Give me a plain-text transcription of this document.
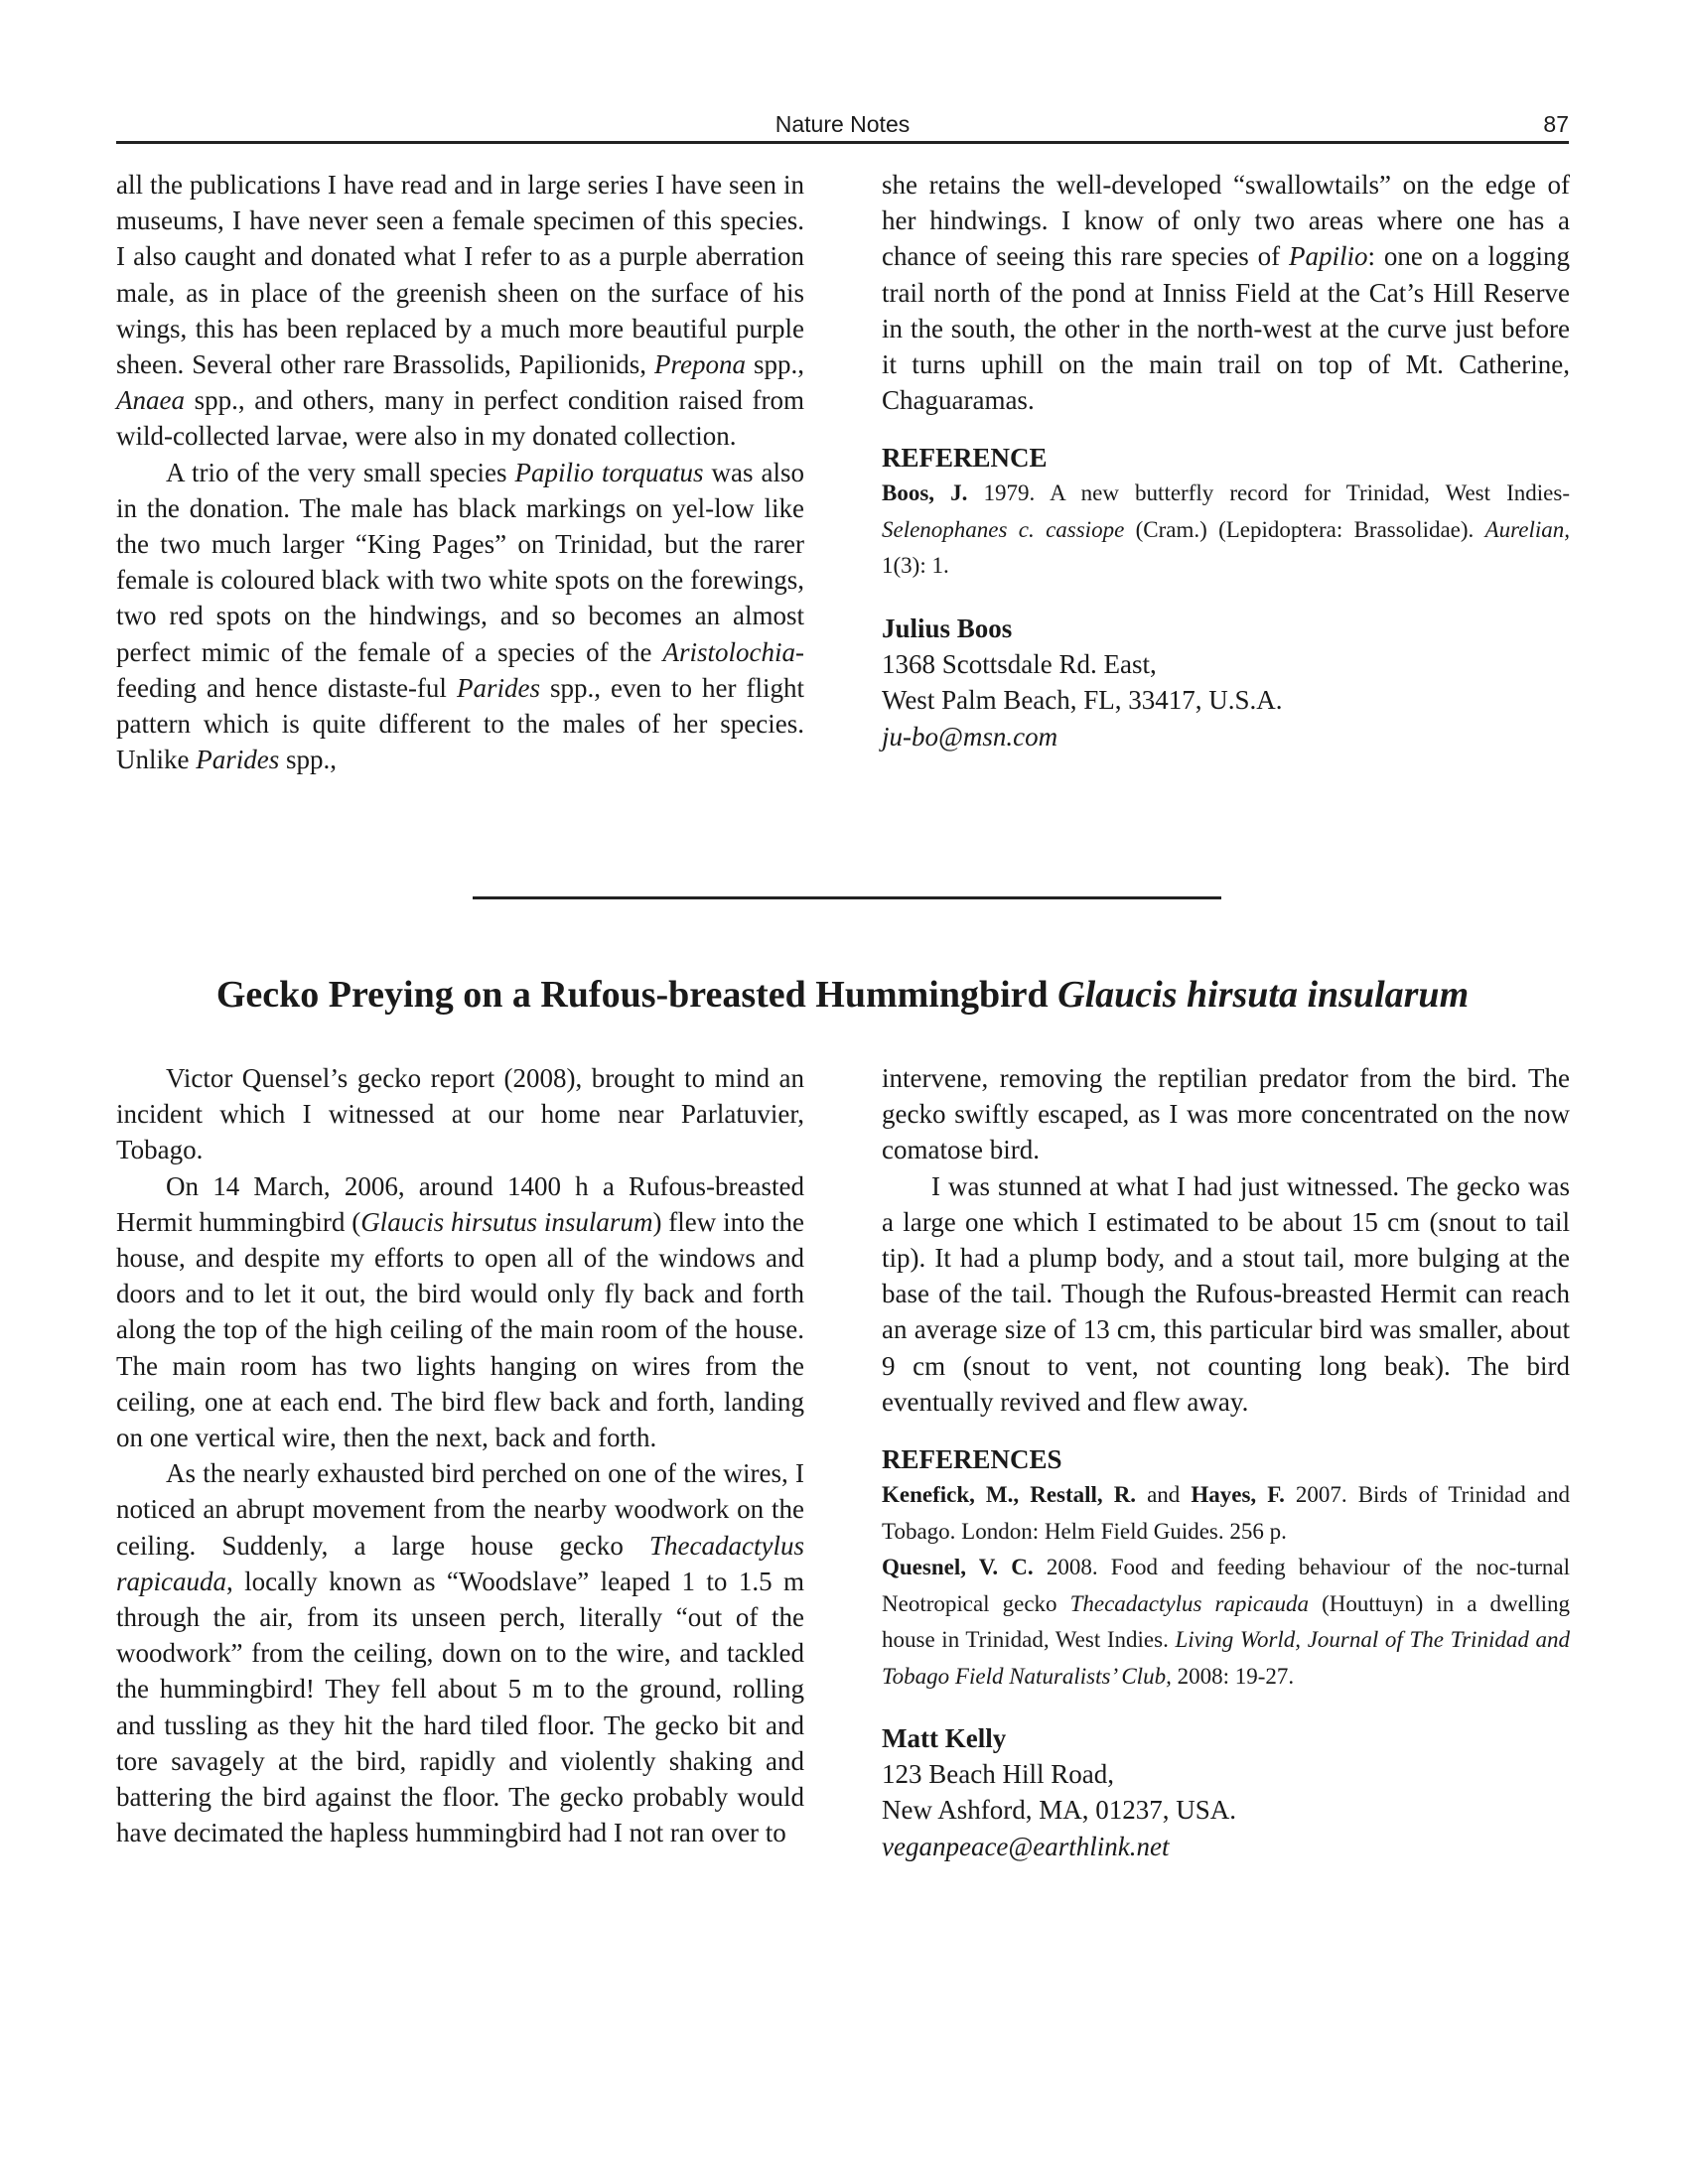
Nature Notes	87

all the publications I have read and in large series I have seen in museums, I have never seen a female specimen of this species. I also caught and donated what I refer to as a purple aberration male, as in place of the greenish sheen on the surface of his wings, this has been replaced by a much more beautiful purple sheen. Several other rare Brassolids, Papilionids, Prepona spp., Anaea spp., and others, many in perfect condition raised from wild-collected larvae, were also in my donated collection.

A trio of the very small species Papilio torquatus was also in the donation. The male has black markings on yel-low like the two much larger “King Pages” on Trinidad, but the rarer female is coloured black with two white spots on the forewings, two red spots on the hindwings, and so becomes an almost perfect mimic of the female of a species of the Aristolochia-feeding and hence distaste-ful Parides spp., even to her flight pattern which is quite different to the males of her species. Unlike Parides spp.,

she retains the well-developed “swallowtails” on the edge of her hindwings. I know of only two areas where one has a chance of seeing this rare species of Papilio: one on a logging trail north of the pond at Inniss Field at the Cat’s Hill Reserve in the south, the other in the north-west at the curve just before it turns uphill on the main trail on top of Mt. Catherine, Chaguaramas.

REFERENCE
Boos, J. 1979. A new butterfly record for Trinidad, West Indies-Selenophanes c. cassiope (Cram.) (Lepidoptera: Brassolidae). Aurelian, 1(3): 1.
Julius Boos
1368 Scottsdale Rd. East,
West Palm Beach, FL, 33417, U.S.A.
ju-bo@msn.com
Gecko Preying on a Rufous-breasted Hummingbird Glaucis hirsuta insularum

Victor Quensel’s gecko report (2008), brought to mind an incident which I witnessed at our home near Parlatuvier, Tobago.

On 14 March, 2006, around 1400 h a Rufous-breasted Hermit hummingbird (Glaucis hirsutus insularum) flew into the house, and despite my efforts to open all of the windows and doors and to let it out, the bird would only fly back and forth along the top of the high ceiling of the main room of the house. The main room has two lights hanging on wires from the ceiling, one at each end. The bird flew back and forth, landing on one vertical wire, then the next, back and forth.

As the nearly exhausted bird perched on one of the wires, I noticed an abrupt movement from the nearby woodwork on the ceiling. Suddenly, a large house gecko Thecadactylus rapicauda, locally known as “Woodslave” leaped 1 to 1.5 m through the air, from its unseen perch, literally “out of the woodwork” from the ceiling, down on to the wire, and tackled the hummingbird! They fell about 5 m to the ground, rolling and tussling as they hit the hard tiled floor. The gecko bit and tore savagely at the bird, rapidly and violently shaking and battering the bird against the floor. The gecko probably would have decimated the hapless hummingbird had I not ran over to

intervene, removing the reptilian predator from the bird. The gecko swiftly escaped, as I was more concentrated on the now comatose bird.

I was stunned at what I had just witnessed. The gecko was a large one which I estimated to be about 15 cm (snout to tail tip). It had a plump body, and a stout tail, more bulging at the base of the tail. Though the Rufous-breasted Hermit can reach an average size of 13 cm, this particular bird was smaller, about 9 cm (snout to vent, not counting long beak). The bird eventually revived and flew away.

REFERENCES
Kenefick, M., Restall, R. and Hayes, F. 2007. Birds of Trinidad and Tobago. London: Helm Field Guides. 256 p.
Quesnel, V. C. 2008. Food and feeding behaviour of the noc-turnal Neotropical gecko Thecadactylus rapicauda (Houttuyn) in a dwelling house in Trinidad, West Indies. Living World, Journal of The Trinidad and Tobago Field Naturalists’ Club, 2008: 19-27.
Matt Kelly
123 Beach Hill Road,
New Ashford, MA, 01237, USA.
veganpeace@earthlink.net
